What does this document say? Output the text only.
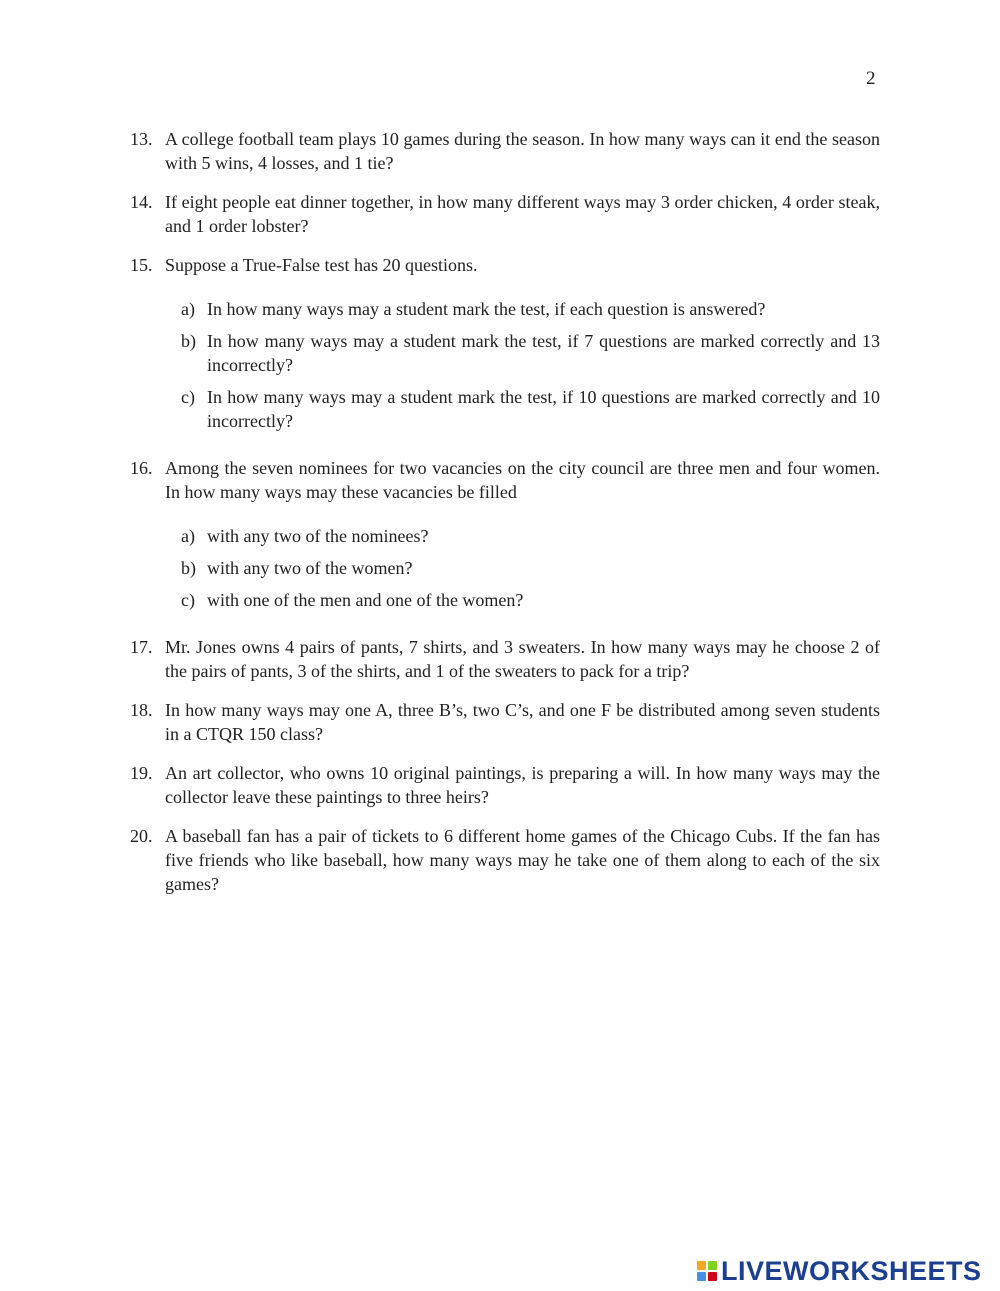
2
13. A college football team plays 10 games during the season. In how many ways can it end the season with 5 wins, 4 losses, and 1 tie?
14. If eight people eat dinner together, in how many different ways may 3 order chicken, 4 order steak, and 1 order lobster?
15. Suppose a True-False test has 20 questions.
a) In how many ways may a student mark the test, if each question is answered?
b) In how many ways may a student mark the test, if 7 questions are marked correctly and 13 incorrectly?
c) In how many ways may a student mark the test, if 10 questions are marked correctly and 10 incorrectly?
16. Among the seven nominees for two vacancies on the city council are three men and four women. In how many ways may these vacancies be filled
a) with any two of the nominees?
b) with any two of the women?
c) with one of the men and one of the women?
17. Mr. Jones owns 4 pairs of pants, 7 shirts, and 3 sweaters. In how many ways may he choose 2 of the pairs of pants, 3 of the shirts, and 1 of the sweaters to pack for a trip?
18. In how many ways may one A, three B’s, two C’s, and one F be distributed among seven students in a CTQR 150 class?
19. An art collector, who owns 10 original paintings, is preparing a will. In how many ways may the collector leave these paintings to three heirs?
20. A baseball fan has a pair of tickets to 6 different home games of the Chicago Cubs. If the fan has five friends who like baseball, how many ways may he take one of them along to each of the six games?
LIVEWORKSHEETS
